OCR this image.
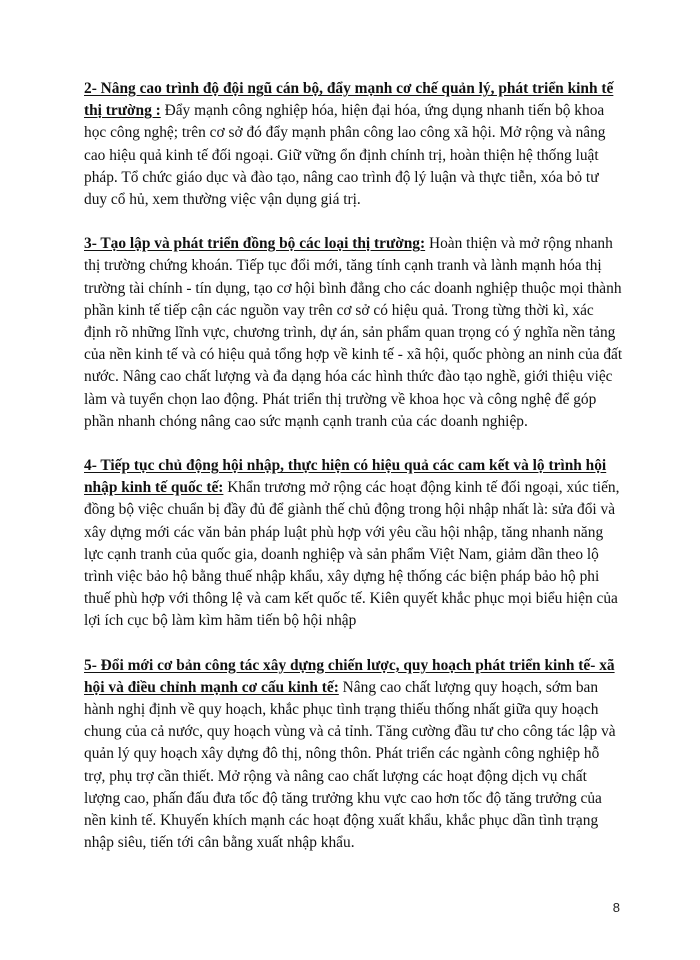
2- Nâng cao trình độ đội ngũ cán bộ, đẩy mạnh cơ chế quản lý, phát triển kinh tế thị trường : Đẩy mạnh công nghiệp hóa, hiện đại hóa, ứng dụng nhanh tiến bộ khoa học công nghệ; trên cơ sở đó đẩy mạnh phân công lao công xã hội. Mở rộng và nâng cao hiệu quả kinh tế đối ngoại. Giữ vững ổn định chính trị, hoàn thiện hệ thống luật pháp. Tổ chức giáo dục và đào tạo, nâng cao trình độ lý luận và thực tiễn, xóa bỏ tư duy cổ hủ, xem thường việc vận dụng giá trị.

3- Tạo lập và phát triển đồng bộ các loại thị trường: Hoàn thiện và mở rộng nhanh thị trường chứng khoán. Tiếp tục đổi mới, tăng tính cạnh tranh và lành mạnh hóa thị trường tài chính - tín dụng, tạo cơ hội bình đẳng cho các doanh nghiệp thuộc mọi thành phần kinh tế tiếp cận các nguồn vay trên cơ sở có hiệu quả. Trong từng thời kì, xác định rõ những lĩnh vực, chương trình, dự án, sản phẩm quan trọng có ý nghĩa nền tảng của nền kinh tế và có hiệu quả tổng hợp về kinh tế - xã hội, quốc phòng an ninh của đất nước. Nâng cao chất lượng và đa dạng hóa các hình thức đào tạo nghề, giới thiệu việc làm và tuyển chọn lao động. Phát triển thị trường về khoa học và công nghệ để góp phần nhanh chóng nâng cao sức mạnh cạnh tranh của các doanh nghiệp.

4- Tiếp tục chủ động hội nhập, thực hiện có hiệu quả các cam kết và lộ trình hội nhập kinh tế quốc tế: Khẩn trương mở rộng các hoạt động kinh tế đối ngoại, xúc tiến, đồng bộ việc chuẩn bị đầy đủ để giành thế chủ động trong hội nhập nhất là: sửa đổi và xây dựng mới các văn bản pháp luật phù hợp với yêu cầu hội nhập, tăng nhanh năng lực cạnh tranh của quốc gia, doanh nghiệp và sản phẩm Việt Nam, giảm dần theo lộ trình việc bảo hộ bằng thuế nhập khẩu, xây dựng hệ thống các biện pháp bảo hộ phi thuế phù hợp với thông lệ và cam kết quốc tế. Kiên quyết khắc phục mọi biểu hiện của lợi ích cục bộ làm kìm hãm tiến bộ hội nhập

5- Đổi mới cơ bản công tác xây dựng chiến lược, quy hoạch phát triển kinh tế- xã hội và điều chỉnh mạnh cơ cấu kinh tế: Nâng cao chất lượng quy hoạch, sớm ban hành nghị định về quy hoạch, khắc phục tình trạng thiếu thống nhất giữa quy hoạch chung của cả nước, quy hoạch vùng và cả tỉnh. Tăng cường đầu tư cho công tác lập và quản lý quy hoạch xây dựng đô thị, nông thôn. Phát triển các ngành công nghiệp hỗ trợ, phụ trợ cần thiết. Mở rộng và nâng cao chất lượng các hoạt động dịch vụ chất lượng cao, phấn đấu đưa tốc độ tăng trưởng khu vực cao hơn tốc độ tăng trưởng của nền kinh tế. Khuyến khích mạnh các hoạt động xuất khẩu, khắc phục dần tình trạng nhập siêu, tiến tới cân bằng xuất nhập khẩu.

8
